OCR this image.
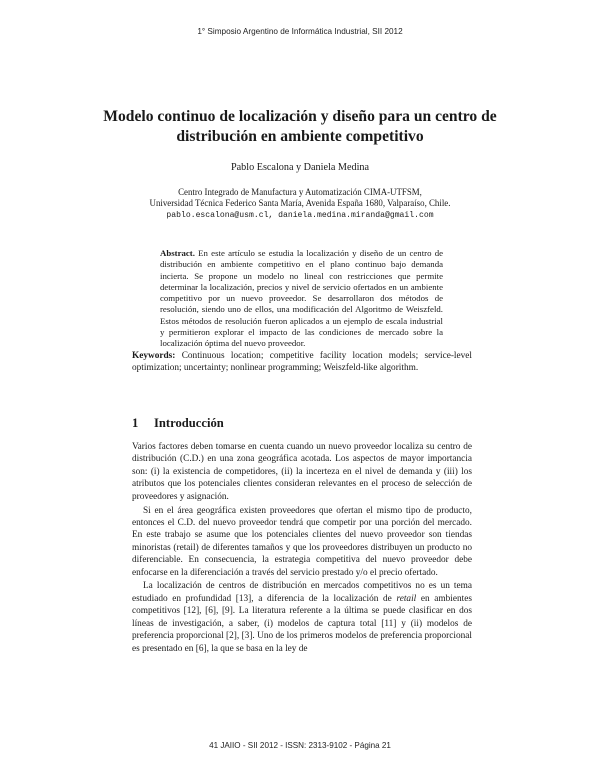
1° Simposio Argentino de Informática Industrial, SII 2012
Modelo continuo de localización y diseño para un centro de distribución en ambiente competitivo
Pablo Escalona y Daniela Medina
Centro Integrado de Manufactura y Automatización CIMA-UTFSM,
Universidad Técnica Federico Santa María, Avenida España 1680, Valparaíso, Chile.
pablo.escalona@usm.cl, daniela.medina.miranda@gmail.com
Abstract. En este artículo se estudia la localización y diseño de un centro de distribución en ambiente competitivo en el plano continuo bajo demanda incierta. Se propone un modelo no lineal con restricciones que permite determinar la localización, precios y nivel de servicio ofertados en un ambiente competitivo por un nuevo proveedor. Se desarrollaron dos métodos de resolución, siendo uno de ellos, una modificación del Algoritmo de Weiszfeld. Estos métodos de resolución fueron aplicados a un ejemplo de escala industrial y permitieron explorar el impacto de las condiciones de mercado sobre la localización óptima del nuevo proveedor.
Keywords: Continuous location; competitive facility location models; service-level optimization; uncertainty; nonlinear programming; Weiszfeld-like algorithm.
1 Introducción

Varios factores deben tomarse en cuenta cuando un nuevo proveedor localiza su centro de distribución (C.D.) en una zona geográfica acotada. Los aspectos de mayor importancia son: (i) la existencia de competidores, (ii) la incerteza en el nivel de demanda y (iii) los atributos que los potenciales clientes consideran relevantes en el proceso de selección de proveedores y asignación.

Si en el área geográfica existen proveedores que ofertan el mismo tipo de producto, entonces el C.D. del nuevo proveedor tendrá que competir por una porción del mercado. En este trabajo se asume que los potenciales clientes del nuevo proveedor son tiendas minoristas (retail) de diferentes tamaños y que los proveedores distribuyen un producto no diferenciable. En consecuencia, la estrategia competitiva del nuevo proveedor debe enfocarse en la diferenciación a través del servicio prestado y/o el precio ofertado.

La localización de centros de distribución en mercados competitivos no es un tema estudiado en profundidad [13], a diferencia de la localización de retail en ambientes competitivos [12], [6], [9]. La literatura referente a la última se puede clasificar en dos líneas de investigación, a saber, (i) modelos de captura total [11] y (ii) modelos de preferencia proporcional [2], [3]. Uno de los primeros modelos de preferencia proporcional es presentado en [6], la que se basa en la ley de

41 JAIIO - SII 2012 - ISSN: 2313-9102 - Página 21
